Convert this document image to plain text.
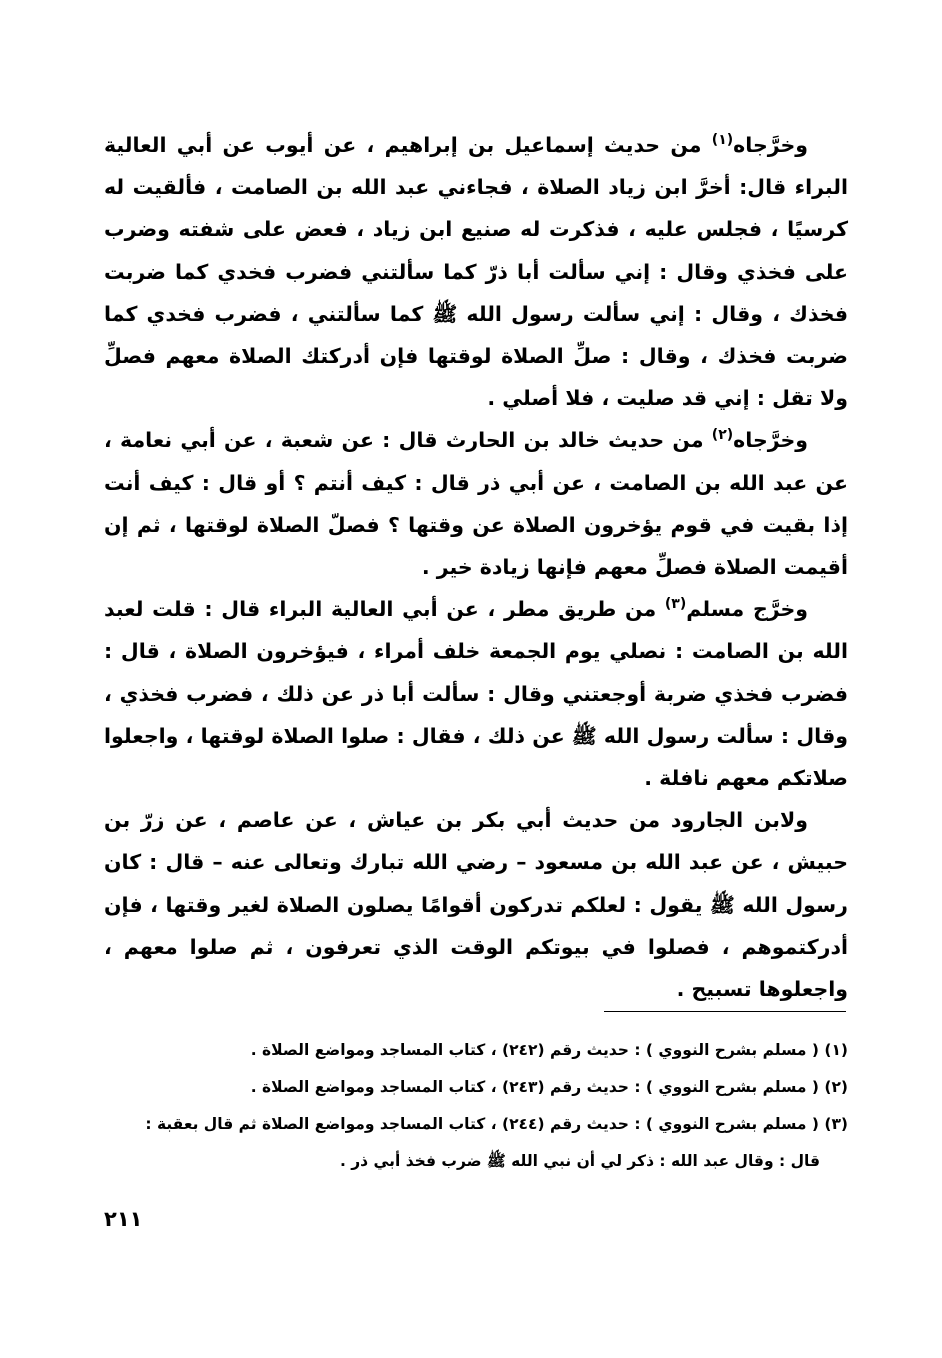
وخرَّجاه$^{(١)}$ من حديث إسماعيل بن إبراهيم ، عن أيوب عن أبي العالية البراء قال: أخرَّ ابن زياد الصلاة ، فجاءني عبد الله بن الصامت ، فألقيت له كرسيًا ، فجلس عليه ، فذكرت له صنيع ابن زياد ، فعض على شفته وضرب على فخذي وقال : إني سألت أبا ذرّ كما سألتني فضرب فخدي كما ضربت فخذك ، وقال : إني سألت رسول الله ﷺ كما سألتني ، فضرب فخدي كما ضربت فخذك ، وقال : صلِّ الصلاة لوقتها فإن أدركتك الصلاة معهم فصلِّ ولا تقل : إني قد صليت ، فلا أصلي .

وخرَّجاه$^{(٢)}$ من حديث خالد بن الحارث قال : عن شعبة ، عن أبي نعامة ، عن عبد الله بن الصامت ، عن أبي ذر قال : كيف أنتم ؟ أو قال : كيف أنت إذا بقيت في قوم يؤخرون الصلاة عن وقتها ؟ فصلّ الصلاة لوقتها ، ثم إن أقيمت الصلاة فصلِّ معهم فإنها زيادة خير .

وخرَّج مسلم$^{(٣)}$ من طريق مطر ، عن أبي العالية البراء قال : قلت لعبد الله بن الصامت : نصلي يوم الجمعة خلف أمراء ، فيؤخرون الصلاة ، قال : فضرب فخذي ضربة أوجعتني وقال : سألت أبا ذر عن ذلك ، فضرب فخذي ، وقال : سألت رسول الله ﷺ عن ذلك ، فقال : صلوا الصلاة لوقتها ، واجعلوا صلاتكم معهم نافلة .

ولابن الجارود من حديث أبي بكر بن عياش ، عن عاصم ، عن زرّ بن حبيش ، عن عبد الله بن مسعود – رضي الله تبارك وتعالى عنه – قال : كان رسول الله ﷺ يقول : لعلكم تدركون أقوامًا يصلون الصلاة لغير وقتها ، فإن أدركتموهم ، فصلوا في بيوتكم الوقت الذي تعرفون ، ثم صلوا معهم ، واجعلوها تسبيح .

(١) ( مسلم بشرح النووي ) : حديث رقم (٢٤٢) ، كتاب المساجد ومواضع الصلاة .

(٢) ( مسلم بشرح النووي ) : حديث رقم (٢٤٣) ، كتاب المساجد ومواضع الصلاة .

(٣) ( مسلم بشرح النووي ) : حديث رقم (٢٤٤) ، كتاب المساجد ومواضع الصلاة ثم قال بعقبة :

قال : وقال عبد الله : ذكر لي أن نبي الله ﷺ ضرب فخذ أبي ذر .

٢١١
